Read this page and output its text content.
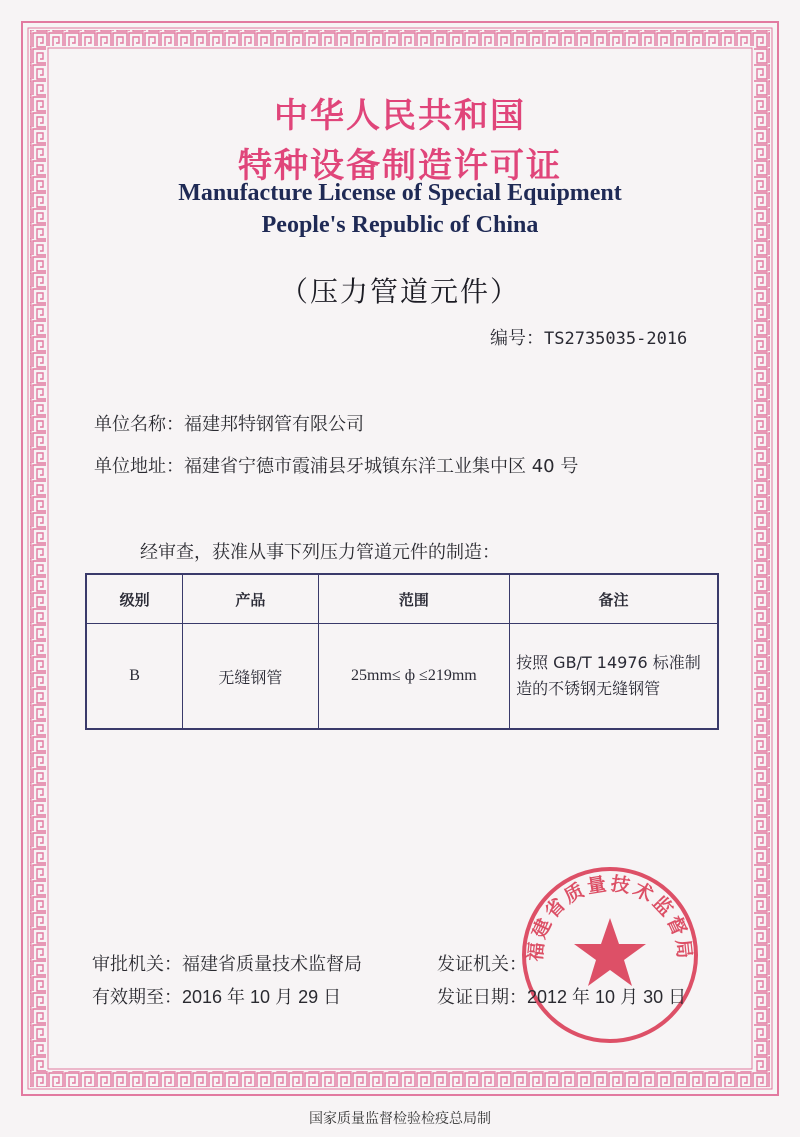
中华人民共和国
特种设备制造许可证
Manufacture License of Special Equipment
People's Republic of China
（压力管道元件）
编号：TS2735035-2016
单位名称：福建邦特钢管有限公司
单位地址：福建省宁德市霞浦县牙城镇东洋工业集中区 40 号
经审查，获准从事下列压力管道元件的制造：
级别	产品	范围	备注
B	无缝钢管	25mm≤ ф ≤219mm	按照 GB/T 14976 标准制造的不锈钢无缝钢管
福建省质量技术监督局
审批机关：福建省质量技术监督局
有效期至：2016 年 10 月 29 日
发证机关：
发证日期：2012 年 10 月 30 日
国家质量监督检验检疫总局制
